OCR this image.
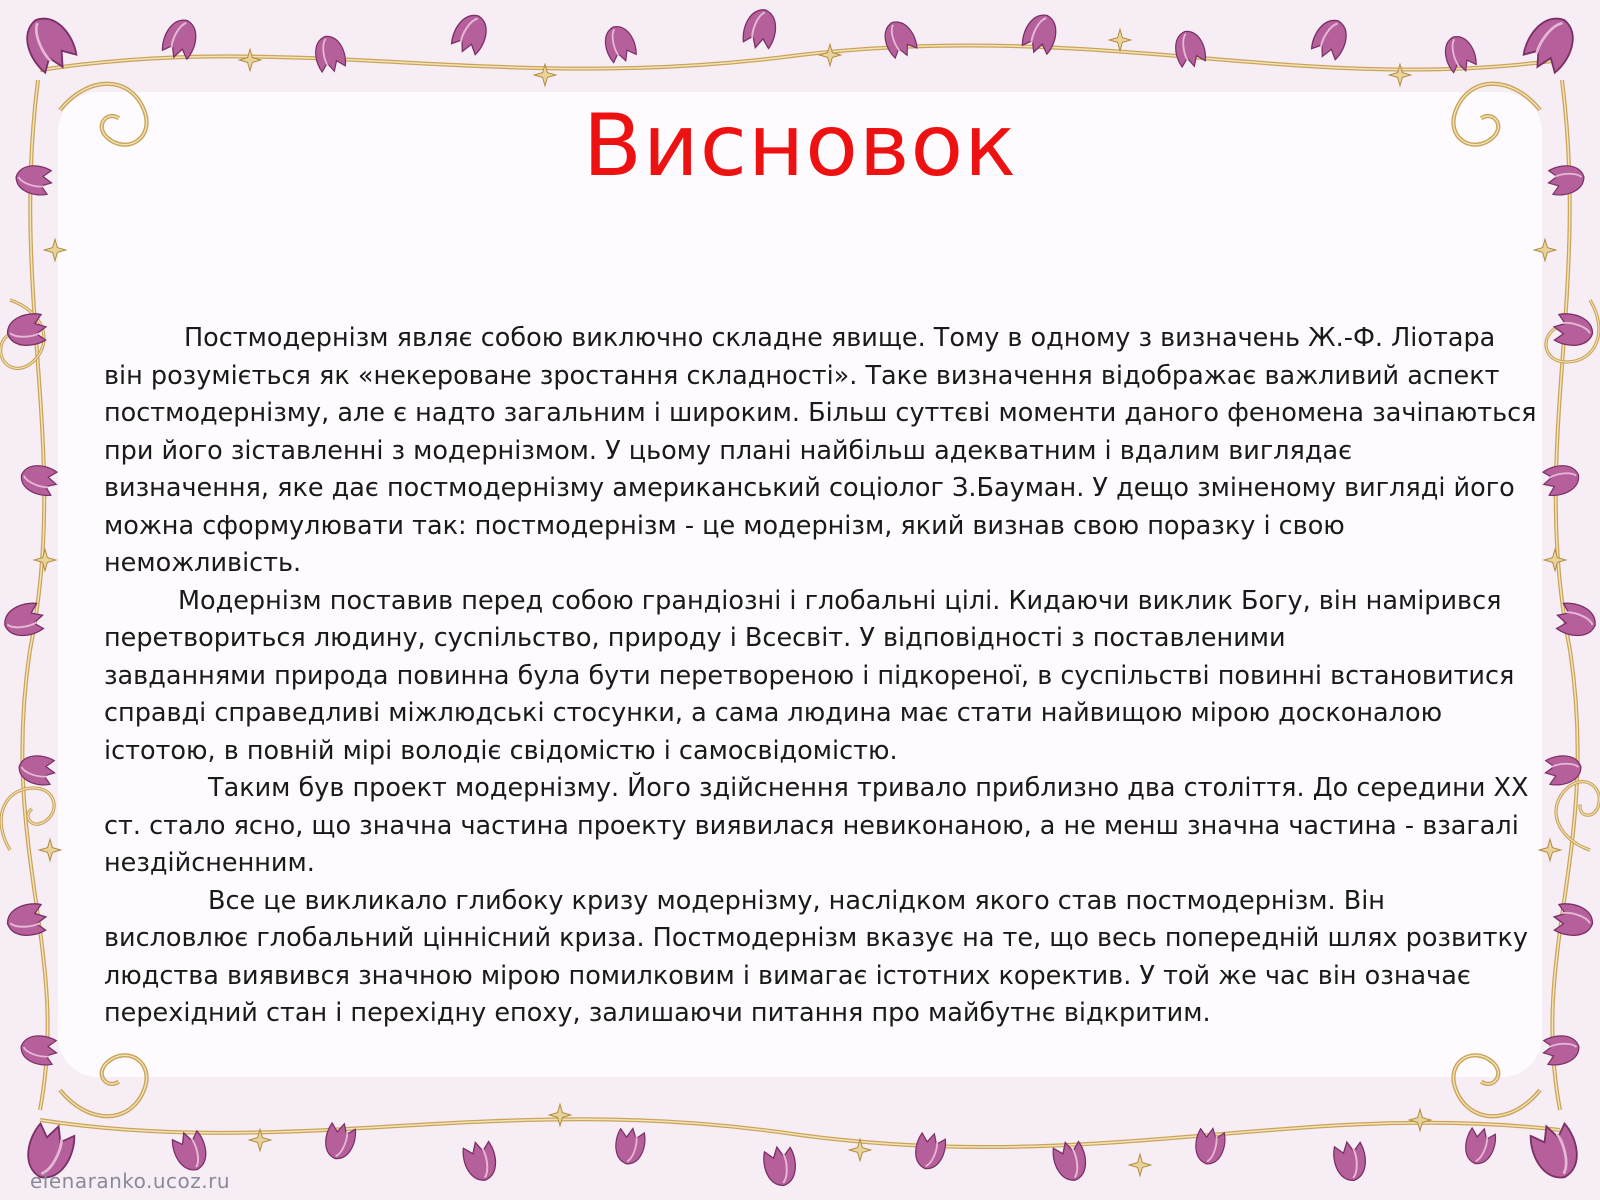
Висновок
Постмодернізм являє собою виключно складне явище. Тому в одному з визначень Ж.-Ф. Ліотара
він розуміється як «некероване зростання складності». Таке визначення відображає важливий аспект
постмодернізму, але є надто загальним і широким. Більш суттєві моменти даного феномена зачіпаються
при його зіставленні з модернізмом. У цьому плані найбільш адекватним і вдалим виглядає
визначення, яке дає постмодернізму американський соціолог З.Бауман. У дещо зміненому вигляді його
можна сформулювати так: постмодернізм - це модернізм, який визнав свою поразку і свою
неможливість.
Модернізм поставив перед собою грандіозні і глобальні цілі. Кидаючи виклик Богу, він намірився
перетвориться людину, суспільство, природу і Всесвіт. У відповідності з поставленими
завданнями природа повинна була бути перетвореною і підкореної, в суспільстві повинні встановитися
справді справедливі міжлюдські стосунки, а сама людина має стати найвищою мірою досконалою
істотою, в повній мірі володіє свідомістю і самосвідомістю.
Таким був проект модернізму. Його здійснення тривало приблизно два століття. До середини XX
ст. стало ясно, що значна частина проекту виявилася невиконаною, а не менш значна частина - взагалі
нездійсненним.
Все це викликало глибоку кризу модернізму, наслідком якого став постмодернізм. Він
висловлює глобальний ціннісний криза. Постмодернізм вказує на те, що весь попередній шлях розвитку
людства виявився значною мірою помилковим і вимагає істотних коректив. У той же час він означає
перехідний стан і перехідну епоху, залишаючи питання про майбутнє відкритим.
elenaranko.ucoz.ru
